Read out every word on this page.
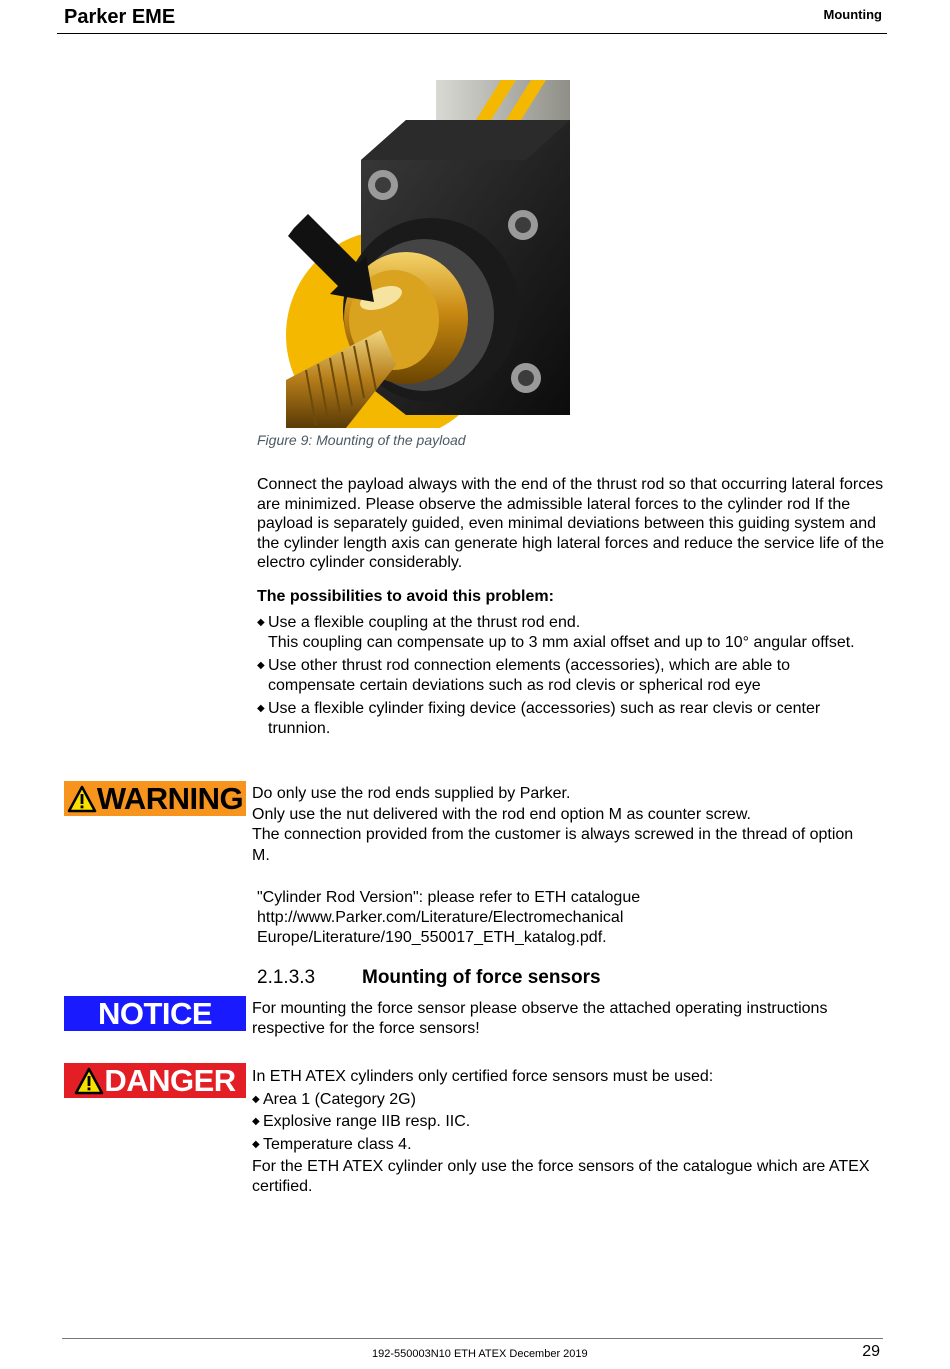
Parker EME	Mounting
Figure 9: Mounting of the payload
Connect the payload always with the end of the thrust rod so that occurring lateral forces are minimized. Please observe the admissible lateral forces to the cylinder rod If the payload is separately guided, even minimal deviations between this guiding system and the cylinder length axis can generate high lateral forces and reduce the service life of the electro cylinder considerably.
The possibilities to avoid this problem:
◆ Use a flexible coupling at the thrust rod end.
This coupling can compensate up to 3 mm axial offset and up to 10° angular offset.
◆ Use other thrust rod connection elements (accessories), which are able to compensate certain deviations such as rod clevis or spherical rod eye
◆ Use a flexible cylinder fixing device (accessories) such as rear clevis or center trunnion.
WARNING Do only use the rod ends supplied by Parker.
Only use the nut delivered with the rod end option M as counter screw.
The connection provided from the customer is always screwed in the thread of option M.
"Cylinder Rod Version": please refer to ETH catalogue
http://www.Parker.com/Literature/Electromechanical
Europe/Literature/190_550017_ETH_katalog.pdf.
2.1.3.3 Mounting of force sensors
NOTICE For mounting the force sensor please observe the attached operating instructions respective for the force sensors!
DANGER In ETH ATEX cylinders only certified force sensors must be used:
◆ Area 1 (Category 2G)
◆ Explosive range IIB resp. IIC.
◆ Temperature class 4.
For the ETH ATEX cylinder only use the force sensors of the catalogue which are ATEX certified.
192-550003N10 ETH ATEX December 2019	29
